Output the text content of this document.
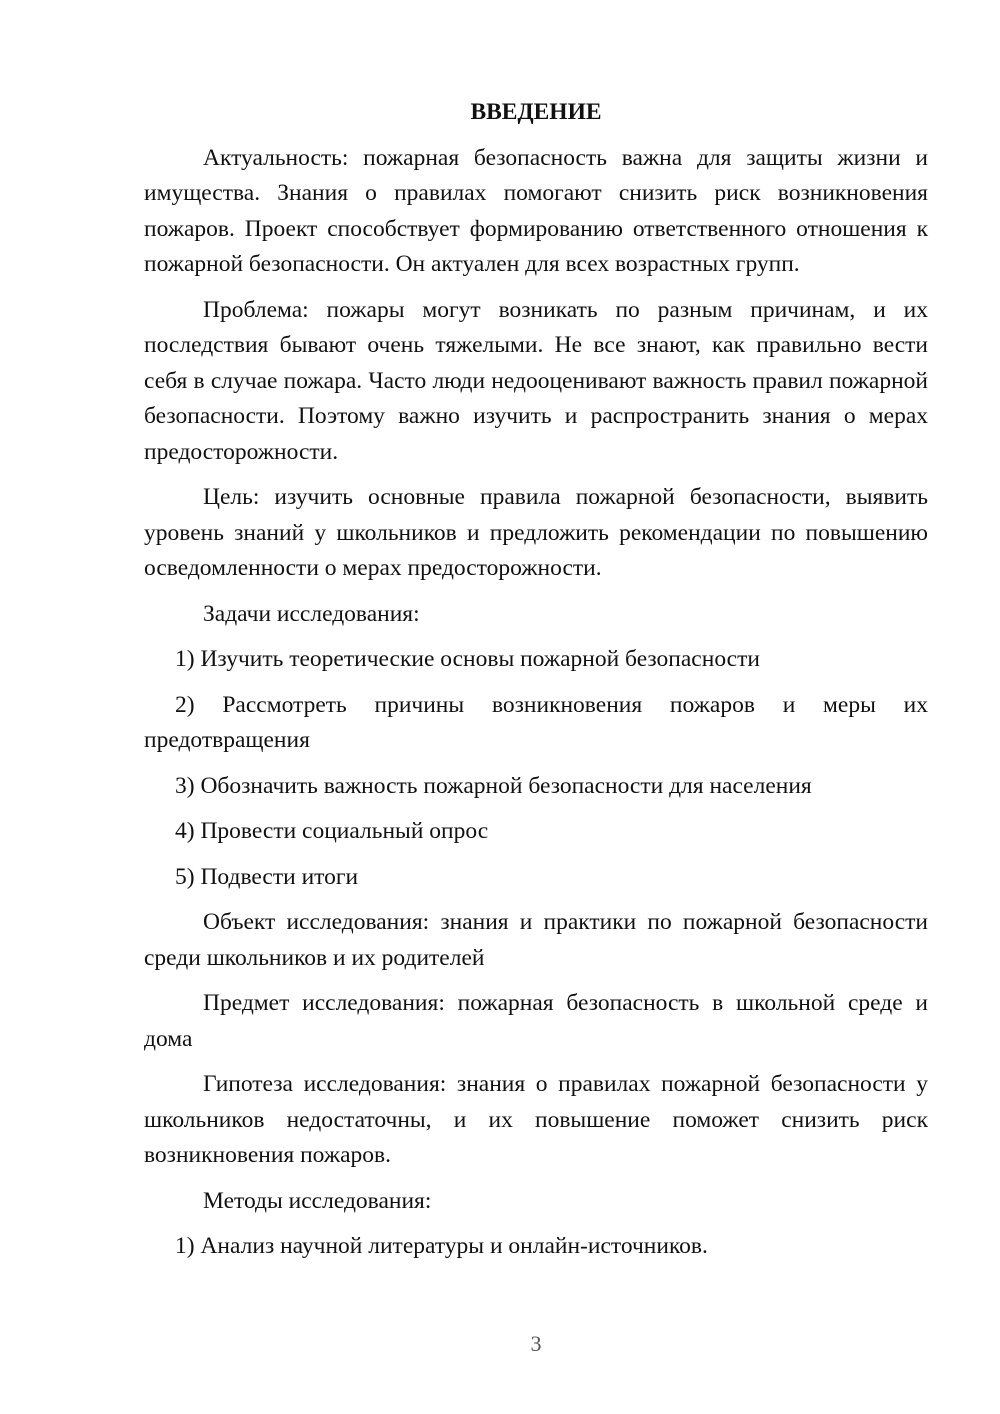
ВВЕДЕНИЕ

Актуальность: пожарная безопасность важна для защиты жизни и имущества. Знания о правилах помогают снизить риск возникновения пожаров. Проект способствует формированию ответственного отношения к пожарной безопасности. Он актуален для всех возрастных групп.

Проблема: пожары могут возникать по разным причинам, и их последствия бывают очень тяжелыми. Не все знают, как правильно вести себя в случае пожара. Часто люди недооценивают важность правил пожарной безопасности. Поэтому важно изучить и распространить знания о мерах предосторожности.

Цель: изучить основные правила пожарной безопасности, выявить уровень знаний у школьников и предложить рекомендации по повышению осведомленности о мерах предосторожности.

Задачи исследования:

1) Изучить теоретические основы пожарной безопасности

2) Рассмотреть причины возникновения пожаров и меры их предотвращения

3) Обозначить важность пожарной безопасности для населения

4) Провести социальный опрос

5) Подвести итоги

Объект исследования: знания и практики по пожарной безопасности среди школьников и их родителей

Предмет исследования: пожарная безопасность в школьной среде и дома

Гипотеза исследования: знания о правилах пожарной безопасности у школьников недостаточны, и их повышение поможет снизить риск возникновения пожаров.

Методы исследования:

1) Анализ научной литературы и онлайн-источников.

3
